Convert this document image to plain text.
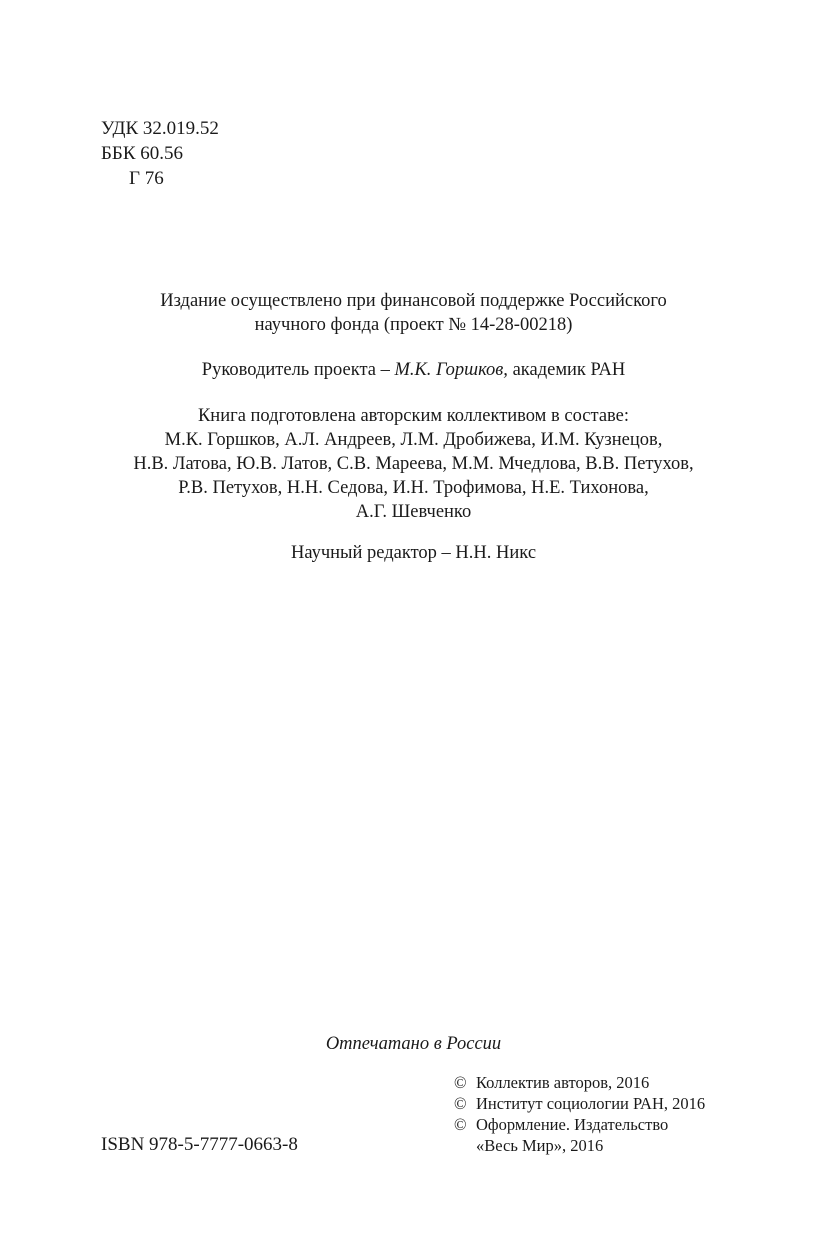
УДК 32.019.52
ББК 60.56
Г 76
Издание осуществлено при финансовой поддержке Российского
научного фонда (проект № 14-28-00218)
Руководитель проекта – М.К. Горшков, академик РАН
Книга подготовлена авторским коллективом в составе:
М.К. Горшков, А.Л. Андреев, Л.М. Дробижева, И.М. Кузнецов,
Н.В. Латова, Ю.В. Латов, С.В. Мареева, М.М. Мчедлова, В.В. Петухов,
Р.В. Петухов, Н.Н. Седова, И.Н. Трофимова, Н.Е. Тихонова,
А.Г. Шевченко
Научный редактор – Н.Н. Никс
Отпечатано в России
© Коллектив авторов, 2016
© Институт социологии РАН, 2016
© Оформление. Издательство
«Весь Мир», 2016
ISBN 978-5-7777-0663-8
